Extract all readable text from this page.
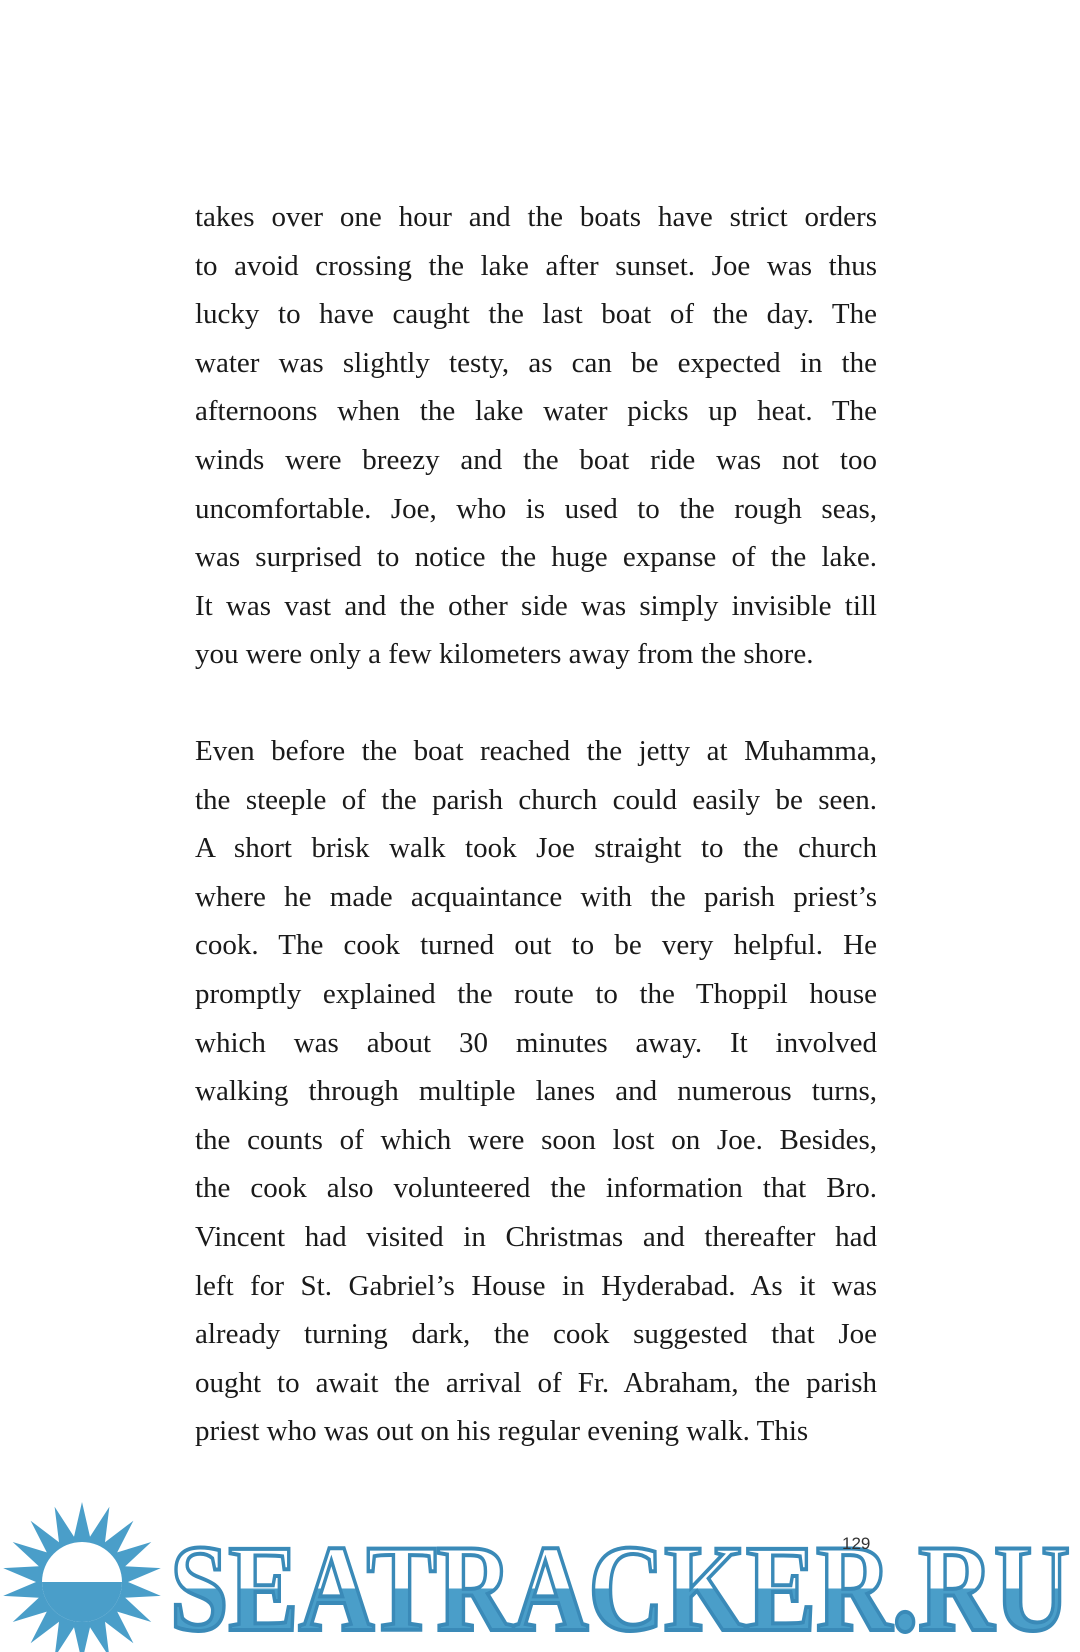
takes over one hour and the boats have strict orders
to avoid crossing the lake after sunset. Joe was thus
lucky to have caught the last boat of the day. The
water was slightly testy, as can be expected in the
afternoons when the lake water picks up heat. The
winds were breezy and the boat ride was not too
uncomfortable. Joe, who is used to the rough seas,
was surprised to notice the huge expanse of the lake.
It was vast and the other side was simply invisible till
you were only a few kilometers away from the shore.

Even before the boat reached the jetty at Muhamma,
the steeple of the parish church could easily be seen.
A short brisk walk took Joe straight to the church
where he made acquaintance with the parish priest’s
cook. The cook turned out to be very helpful. He
promptly explained the route to the Thoppil house
which was about 30 minutes away. It involved
walking through multiple lanes and numerous turns,
the counts of which were soon lost on Joe. Besides,
the cook also volunteered the information that Bro.
Vincent had visited in Christmas and thereafter had
left for St. Gabriel’s House in Hyderabad. As it was
already turning dark, the cook suggested that Joe
ought to await the arrival of Fr. Abraham, the parish
priest who was out on his regular evening walk. This

SEATRACKER.RU
129
